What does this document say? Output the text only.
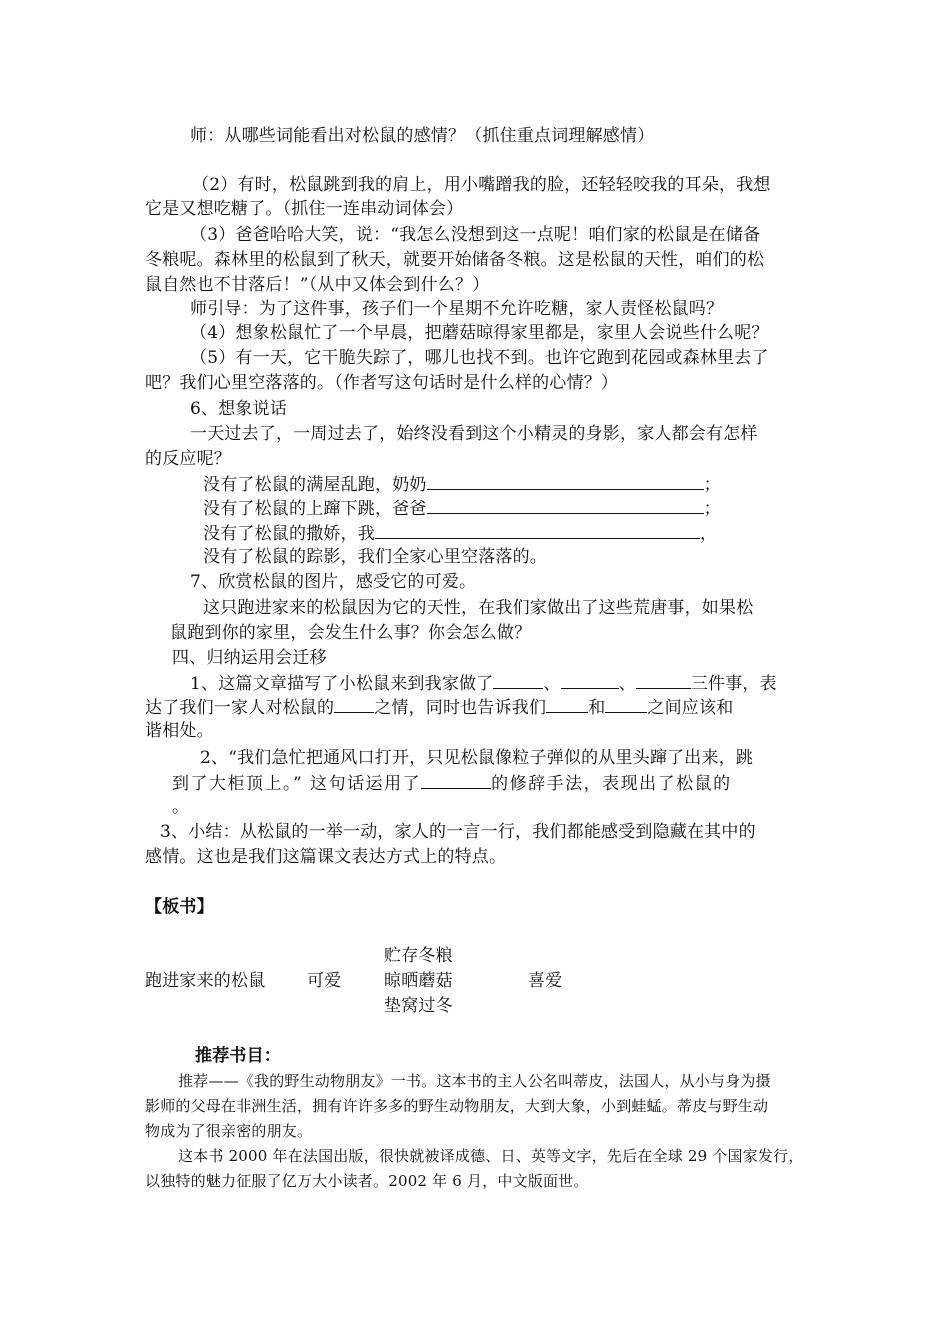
师：从哪些词能看出对松鼠的感情？（抓住重点词理解感情）
（2）有时，松鼠跳到我的肩上，用小嘴蹭我的脸，还轻轻咬我的耳朵，我想
它是又想吃糖了。（抓住一连串动词体会）
（3）爸爸哈哈大笑，说：“我怎么没想到这一点呢！咱们家的松鼠是在储备
冬粮呢。森林里的松鼠到了秋天，就要开始储备冬粮。这是松鼠的天性，咱们的松
鼠自然也不甘落后！”（从中又体会到什么？）
师引导：为了这件事，孩子们一个星期不允许吃糖，家人责怪松鼠吗？
（4）想象松鼠忙了一个早晨，把蘑菇晾得家里都是，家里人会说些什么呢？
（5）有一天，它干脆失踪了，哪儿也找不到。也许它跑到花园或森林里去了
吧？我们心里空落落的。（作者写这句话时是什么样的心情？）
6、想象说话
一天过去了，一周过去了，始终没看到这个小精灵的身影，家人都会有怎样
的反应呢？
没有了松鼠的满屋乱跑，奶奶	；
没有了松鼠的上蹿下跳，爸爸	；
没有了松鼠的撒娇，我	，
没有了松鼠的踪影，我们全家心里空落落的。
7、欣赏松鼠的图片，感受它的可爱。
这只跑进家来的松鼠因为它的天性，在我们家做出了这些荒唐事，如果松
鼠跑到你的家里，会发生什么事？你会怎么做？
四、归纳运用会迁移
1、这篇文章描写了小松鼠来到我家做了	、	、	三件事，表
达了我们一家人对松鼠的 之情，同时也告诉我们 和 之间应该和
谐相处。
2、“我们急忙把通风口打开，只见松鼠像粒子弹似的从里头蹿了出来，跳
到了大柜顶上。” 这句话运用了	的修辞手法，表现出了松鼠的
。
3、小结：从松鼠的一举一动，家人的一言一行，我们都能感受到隐藏在其中的
感情。这也是我们这篇课文表达方式上的特点。
【板书】
贮存冬粮
跑进家来的松鼠 可爱	晾晒蘑菇	喜爱
垫窝过冬
推荐书目：
推荐——《我的野生动物朋友》一书。这本书的主人公名叫蒂皮，法国人，从小与身为摄
影师的父母在非洲生活，拥有许许多多的野生动物朋友，大到大象，小到蛙蜢。蒂皮与野生动
物成为了很亲密的朋友。
这本书 2000 年在法国出版，很快就被译成德、日、英等文字，先后在全球 29 个国家发行，
以独特的魅力征服了亿万大小读者。2002 年 6 月，中文版面世。
